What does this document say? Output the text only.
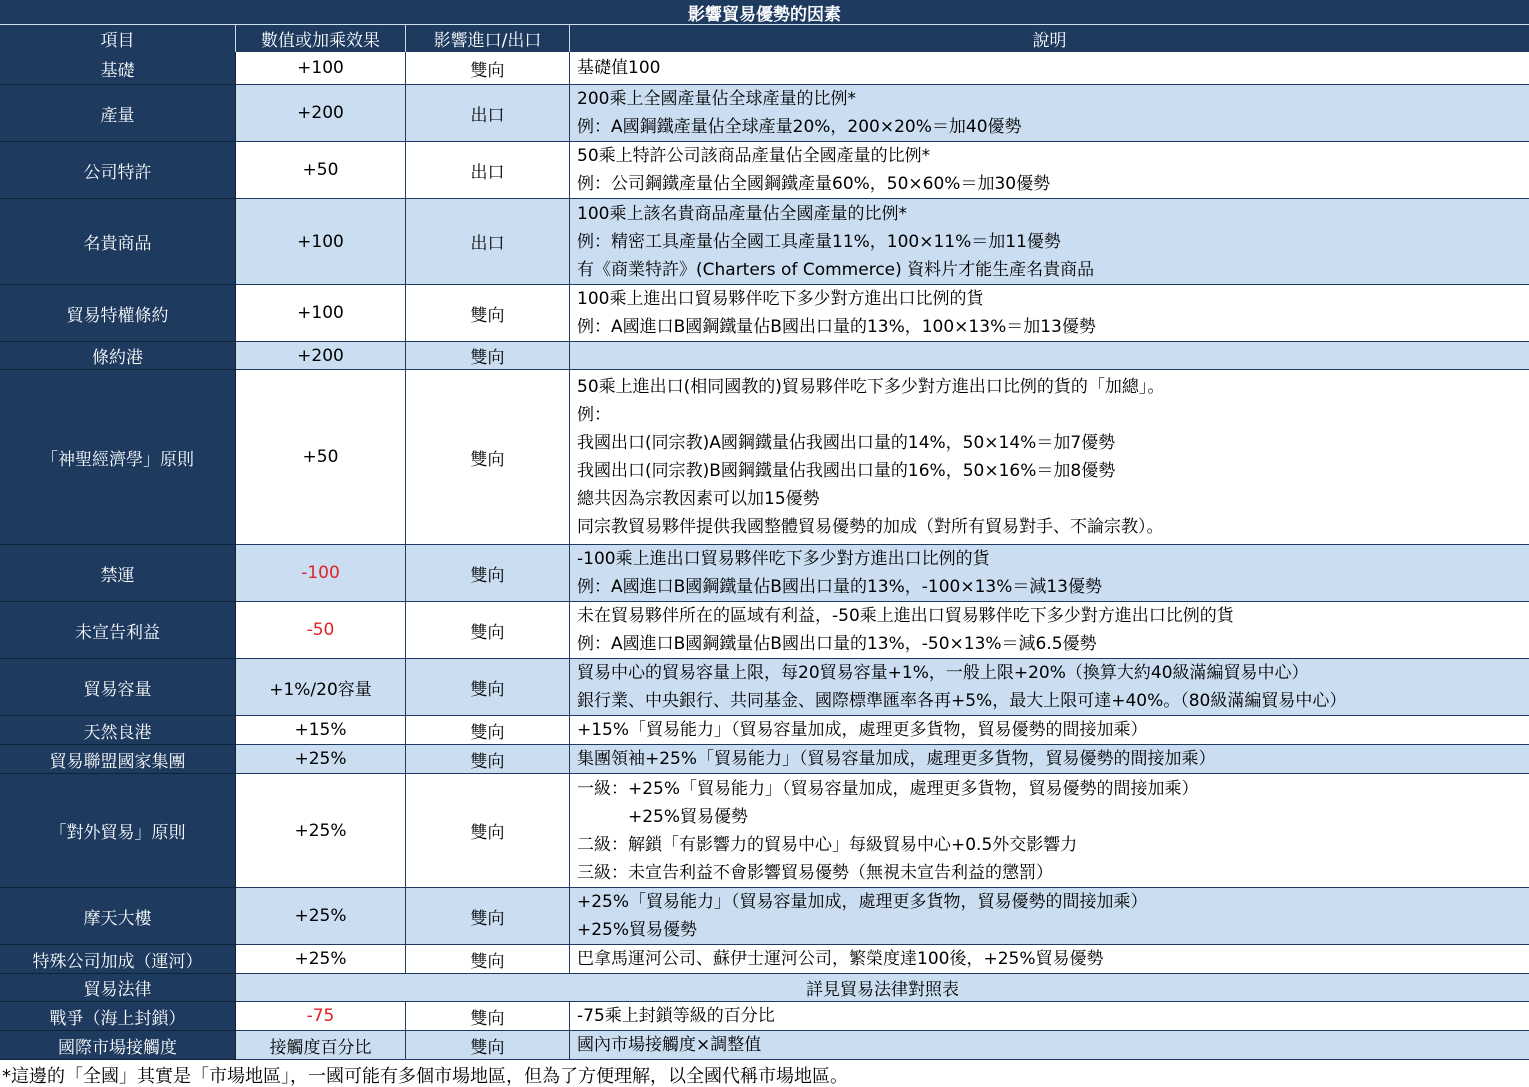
影響貿易優勢的因素
項目	數值或加乘效果	影響進口/出口	說明
基礎	+100	雙向	基礎值100
產量	+200	出口
200乘上全國產量佔全球產量的比例*
例：A國鋼鐵產量佔全球產量20%，200×20%＝加40優勢
公司特許	+50	出口
50乘上特許公司該商品產量佔全國產量的比例*
例：公司鋼鐵產量佔全國鋼鐵產量60%，50×60%＝加30優勢
名貴商品	+100	出口
100乘上該名貴商品產量佔全國產量的比例*
例：精密工具產量佔全國工具產量11%，100×11%＝加11優勢
有《商業特許》(Charters of Commerce) 資料片才能生產名貴商品
貿易特權條約	+100	雙向
100乘上進出口貿易夥伴吃下多少對方進出口比例的貨
例：A國進口B國鋼鐵量佔B國出口量的13%，100×13%＝加13優勢
條約港	+200	雙向
「神聖經濟學」原則	+50	雙向
50乘上進出口(相同國教的)貿易夥伴吃下多少對方進出口比例的貨的「加總」。
例：
我國出口(同宗教)A國鋼鐵量佔我國出口量的14%，50×14%＝加7優勢
我國出口(同宗教)B國鋼鐵量佔我國出口量的16%，50×16%＝加8優勢
總共因為宗教因素可以加15優勢
同宗教貿易夥伴提供我國整體貿易優勢的加成（對所有貿易對手、不論宗教）。
禁運	-100	雙向
-100乘上進出口貿易夥伴吃下多少對方進出口比例的貨
例：A國進口B國鋼鐵量佔B國出口量的13%，-100×13%＝減13優勢
未宣告利益	-50	雙向
未在貿易夥伴所在的區域有利益，-50乘上進出口貿易夥伴吃下多少對方進出口比例的貨
例：A國進口B國鋼鐵量佔B國出口量的13%，-50×13%＝減6.5優勢
貿易容量	+1%/20容量	雙向
貿易中心的貿易容量上限，每20貿易容量+1%，一般上限+20%（換算大約40級滿編貿易中心）
銀行業、中央銀行、共同基金、國際標準匯率各再+5%，最大上限可達+40%。（80級滿編貿易中心）
天然良港	+15%	雙向	+15%「貿易能力」（貿易容量加成，處理更多貨物，貿易優勢的間接加乘）
貿易聯盟國家集團	+25%	雙向	集團領袖+25%「貿易能力」（貿易容量加成，處理更多貨物，貿易優勢的間接加乘）
「對外貿易」原則	+25%	雙向
一級：+25%「貿易能力」（貿易容量加成，處理更多貨物，貿易優勢的間接加乘）
　　　+25%貿易優勢
二級：解鎖「有影響力的貿易中心」每級貿易中心+0.5外交影響力
三級：未宣告利益不會影響貿易優勢（無視未宣告利益的懲罰）
摩天大樓	+25%	雙向
+25%「貿易能力」（貿易容量加成，處理更多貨物，貿易優勢的間接加乘）
+25%貿易優勢
特殊公司加成（運河）	+25%	雙向	巴拿馬運河公司、蘇伊士運河公司，繁榮度達100後，+25%貿易優勢
貿易法律	詳見貿易法律對照表
戰爭（海上封鎖）	-75	雙向	-75乘上封鎖等級的百分比
國際市場接觸度	接觸度百分比	雙向	國內市場接觸度×調整值
*這邊的「全國」其實是「市場地區」，一國可能有多個市場地區，但為了方便理解，以全國代稱市場地區。
